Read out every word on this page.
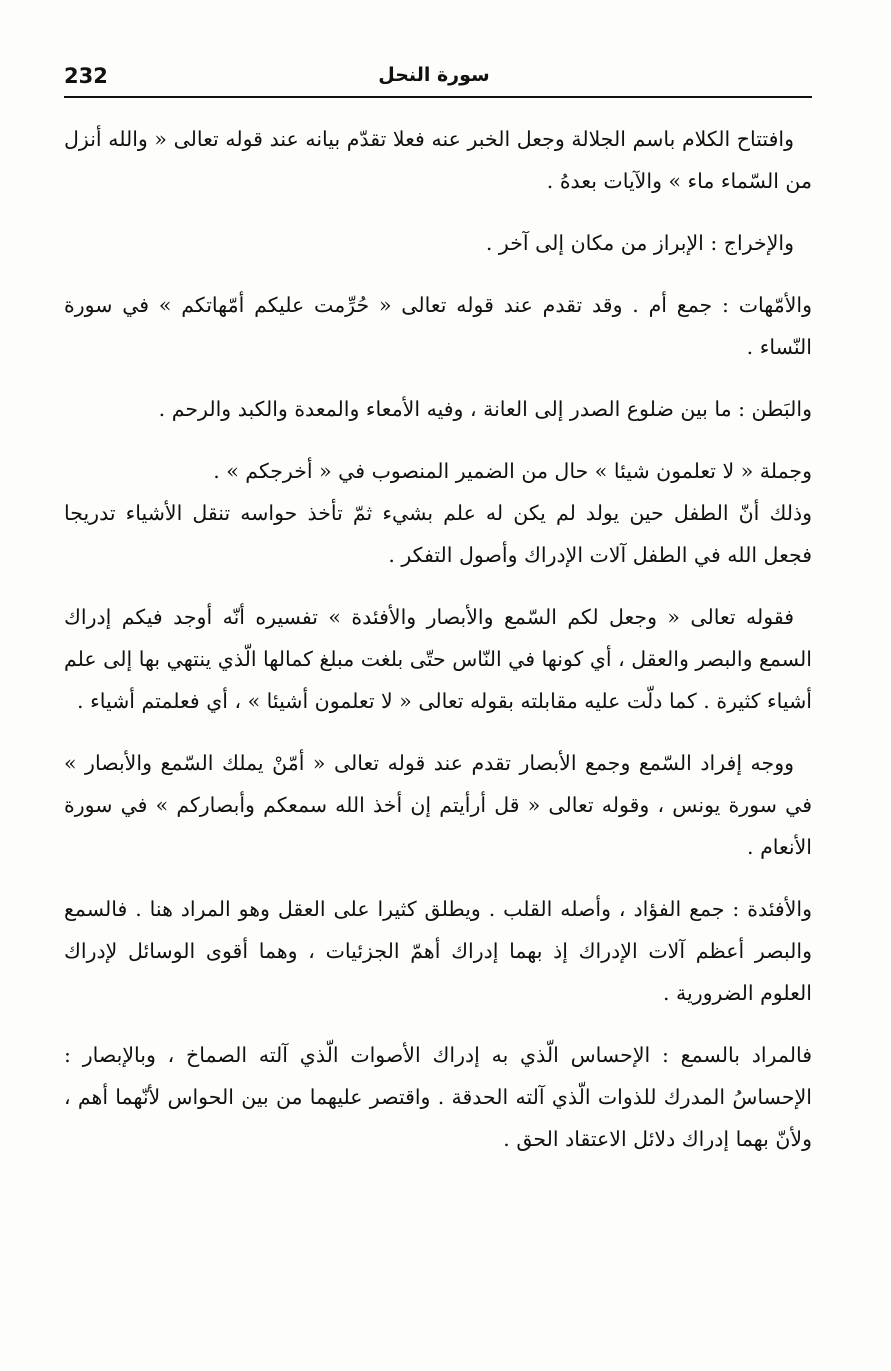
232	سورة النحل

وافتتاح الكلام باسم الجلالة وجعل الخبر عنه فعلا تقدّم بيانه عند قوله تعالى « والله أنزل من السّماء ماء » والآيات بعدهُ .

والإخراج : الإبراز من مكان إلى آخر .

والأمّهات : جمع أم . وقد تقدم عند قوله تعالى « حُرِّمت عليكم أمّهاتكم » في سورة النّساء .

والبَطن : ما بين ضلوع الصدر إلى العانة ، وفيه الأمعاء والمعدة والكبد والرحم .

وجملة « لا تعلمون شيئا » حال من الضمير المنصوب في « أخرجكم » .

وذلك أنّ الطفل حين يولد لم يكن له علم بشيء ثمّ تأخذ حواسه تنقل الأشياء تدريجا فجعل الله في الطفل آلات الإدراك وأصول التفكر .

فقوله تعالى « وجعل لكم السّمع والأبصار والأفئدة » تفسيره أنّه أوجد فيكم إدراك السمع والبصر والعقل ، أي كونها في النّاس حتّى بلغت مبلغ كمالها الّذي ينتهي بها إلى علم أشياء كثيرة . كما دلّت عليه مقابلته بقوله تعالى « لا تعلمون أشيئا » ، أي فعلمتم أشياء .

ووجه إفراد السّمع وجمع الأبصار تقدم عند قوله تعالى « أمّنْ يملك السّمع والأبصار » في سورة يونس ، وقوله تعالى « قل أرأيتم إن أخذ الله سمعكم وأبصاركم » في سورة الأنعام .

والأفئدة : جمع الفؤاد ، وأصله القلب . ويطلق كثيرا على العقل وهو المراد هنا . فالسمع والبصر أعظم آلات الإدراك إذ بهما إدراك أهمّ الجزئيات ، وهما أقوى الوسائل لإدراك العلوم الضرورية .

فالمراد بالسمع : الإحساس الّذي به إدراك الأصوات الّذي آلته الصماخ ، وبالإبصار : الإحساسُ المدرك للذوات الّذي آلته الحدقة . واقتصر عليهما من بين الحواس لأنّهما أهم ، ولأنّ بهما إدراك دلائل الاعتقاد الحق .
